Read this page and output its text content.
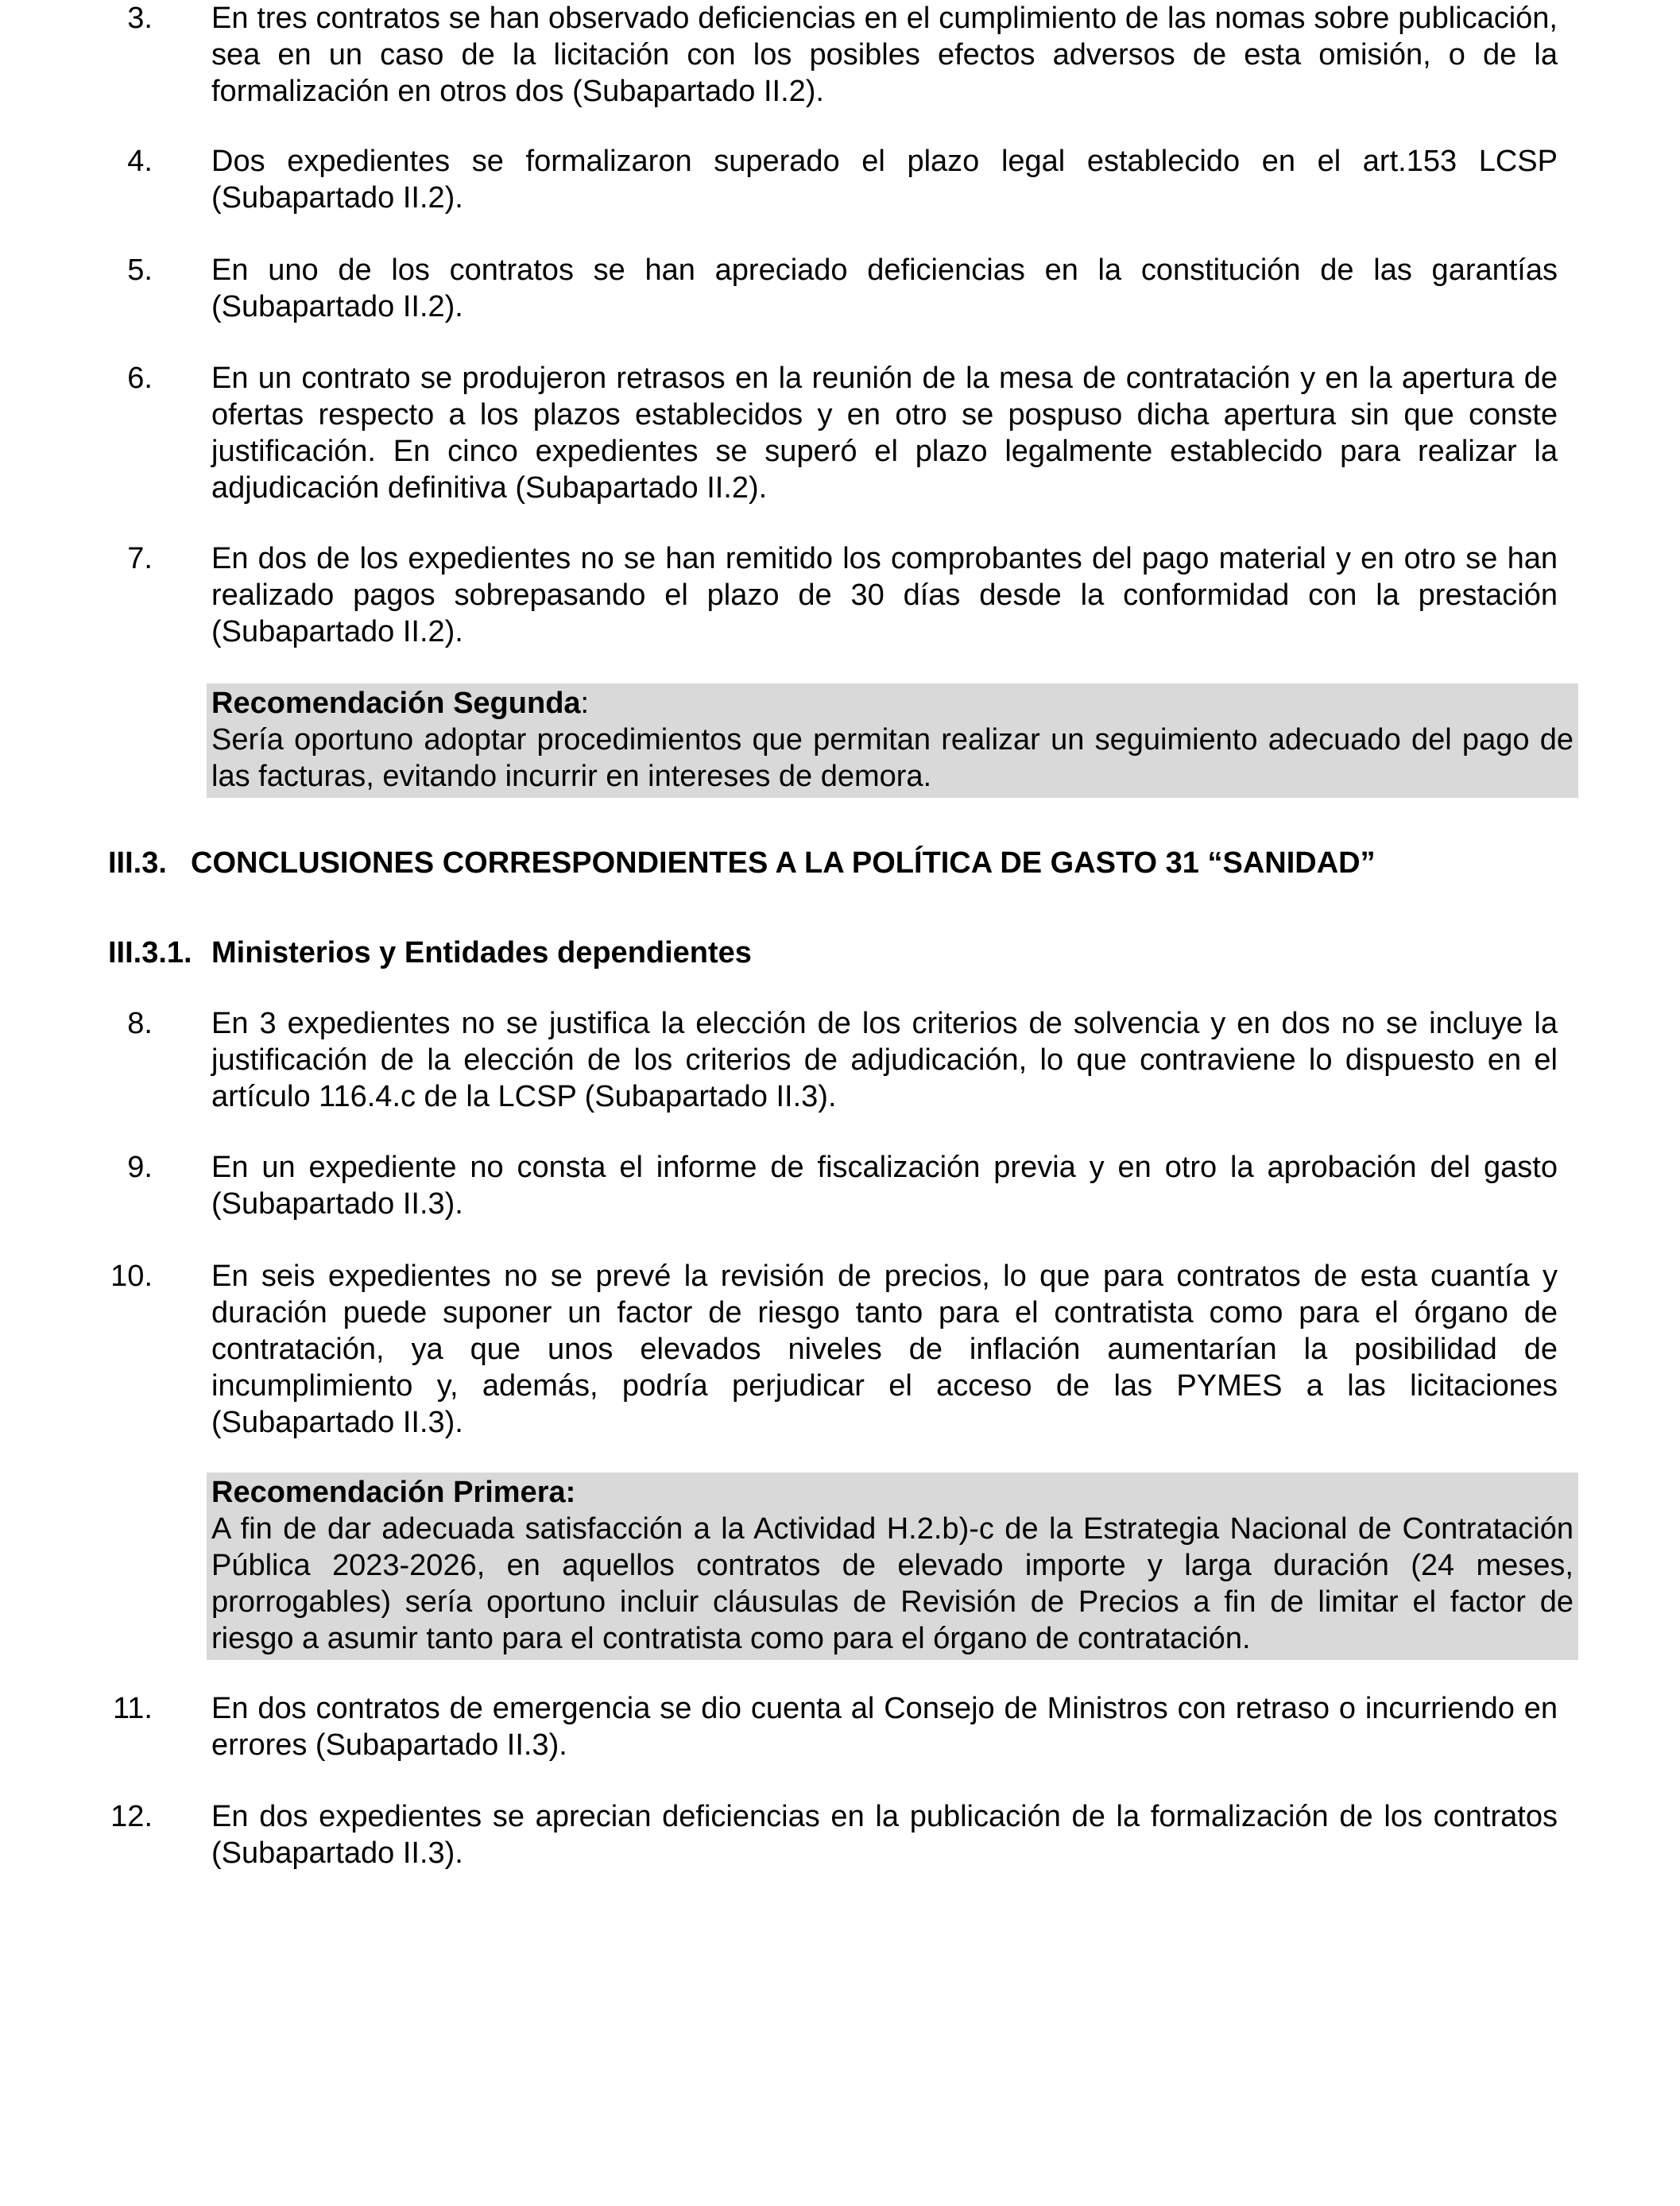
3. En tres contratos se han observado deficiencias en el cumplimiento de las nomas sobre publicación, sea en un caso de la licitación con los posibles efectos adversos de esta omisión, o de la formalización en otros dos (Subapartado II.2).
4. Dos expedientes se formalizaron superado el plazo legal establecido en el art.153 LCSP (Subapartado II.2).
5. En uno de los contratos se han apreciado deficiencias en la constitución de las garantías (Subapartado II.2).
6. En un contrato se produjeron retrasos en la reunión de la mesa de contratación y en la apertura de ofertas respecto a los plazos establecidos y en otro se pospuso dicha apertura sin que conste justificación. En cinco expedientes se superó el plazo legalmente establecido para realizar la adjudicación definitiva (Subapartado II.2).
7. En dos de los expedientes no se han remitido los comprobantes del pago material y en otro se han realizado pagos sobrepasando el plazo de 30 días desde la conformidad con la prestación (Subapartado II.2).
Recomendación Segunda:
Sería oportuno adoptar procedimientos que permitan realizar un seguimiento adecuado del pago de las facturas, evitando incurrir en intereses de demora.
III.3. CONCLUSIONES CORRESPONDIENTES A LA POLÍTICA DE GASTO 31 “SANIDAD”
III.3.1. Ministerios y Entidades dependientes
8. En 3 expedientes no se justifica la elección de los criterios de solvencia y en dos no se incluye la justificación de la elección de los criterios de adjudicación, lo que contraviene lo dispuesto en el artículo 116.4.c de la LCSP (Subapartado II.3).
9. En un expediente no consta el informe de fiscalización previa y en otro la aprobación del gasto (Subapartado II.3).
10. En seis expedientes no se prevé la revisión de precios, lo que para contratos de esta cuantía y duración puede suponer un factor de riesgo tanto para el contratista como para el órgano de contratación, ya que unos elevados niveles de inflación aumentarían la posibilidad de incumplimiento y, además, podría perjudicar el acceso de las PYMES a las licitaciones (Subapartado II.3).
Recomendación Primera:
A fin de dar adecuada satisfacción a la Actividad H.2.b)-c de la Estrategia Nacional de Contratación Pública 2023-2026, en aquellos contratos de elevado importe y larga duración (24 meses, prorrogables) sería oportuno incluir cláusulas de Revisión de Precios a fin de limitar el factor de riesgo a asumir tanto para el contratista como para el órgano de contratación.
11. En dos contratos de emergencia se dio cuenta al Consejo de Ministros con retraso o incurriendo en errores (Subapartado II.3).
12. En dos expedientes se aprecian deficiencias en la publicación de la formalización de los contratos (Subapartado II.3).
